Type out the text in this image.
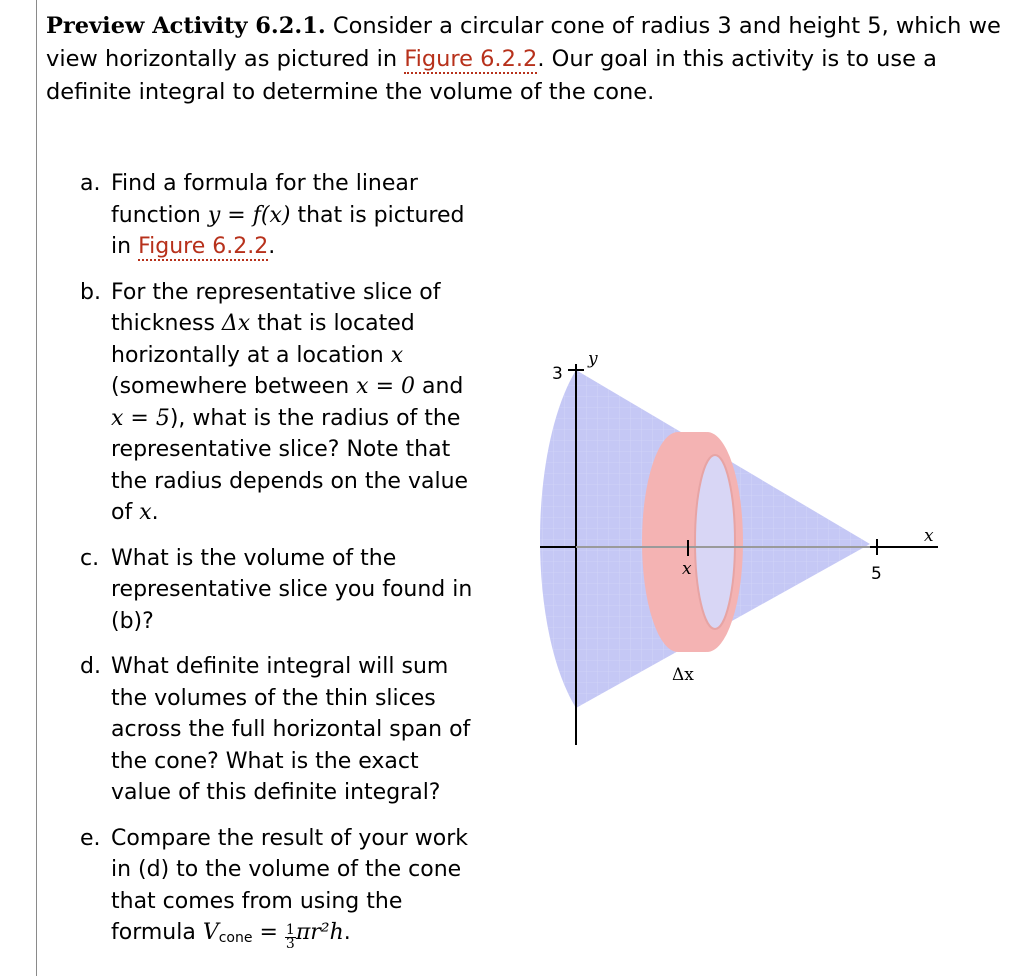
Preview Activity 6.2.1. Consider a circular cone of radius 3 and height 5, which we view horizontally as pictured in Figure 6.2.2. Our goal in this activity is to use a definite integral to determine the volume of the cone.
a. Find a formula for the linear function y = f(x) that is pictured in Figure 6.2.2.
b. For the representative slice of thickness Δx that is located horizontally at a location x (somewhere between x = 0 and x = 5), what is the radius of the representative slice? Note that the radius depends on the value of x.
c. What is the volume of the representative slice you found in (b)?
d. What definite integral will sum the volumes of the thin slices across the full horizontal span of the cone? What is the exact value of this definite integral?
e. Compare the result of your work in (d) to the volume of the cone that comes from using the formula $V_{cone} = \frac{1}{3} \pi r^2h$.
3
y
5
x
x
Δx
